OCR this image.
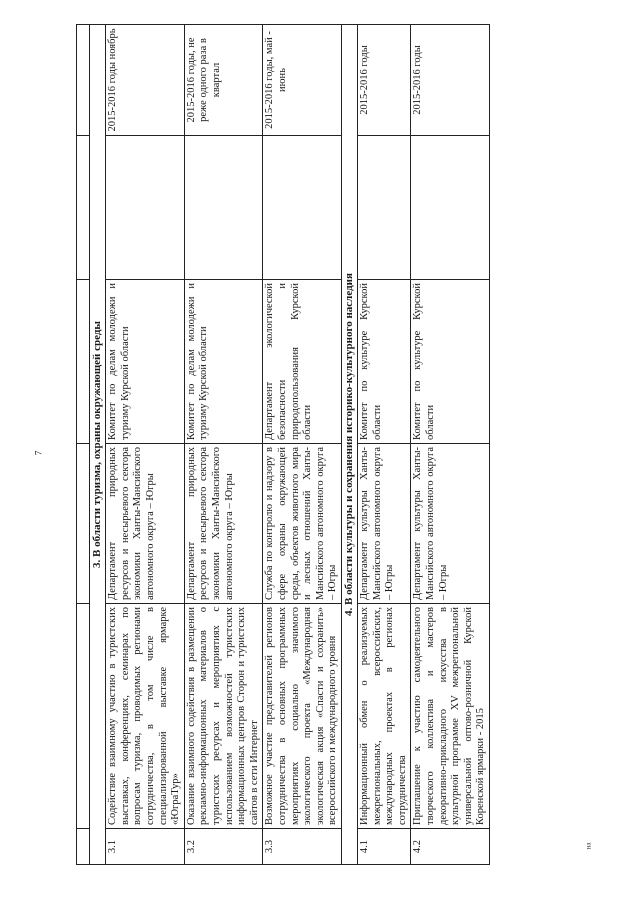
7
на

3. В области туризма, охраны окружающей среды					
3.1	Содействие взаимному участию в туристских выставках, конференциях, семинарах по вопросам туризма, проводимых регионами сотрудничества, в том числе в специализированной выставке ярмарке «ЮграТур»	Департамент природных ресурсов и несырьевого сектора экономики Ханты-Мансийского автономного округа – Югры	Комитет по делам молодежи и туризму Курской области		2015-2016 годы ноябрь
3.2	Оказание взаимного содействия в размещении рекламно-информационных материалов о туристских ресурсах и мероприятиях с использованием возможностей туристских информационных центров Сторон и туристских сайтов в сети Интернет	Департамент природных ресурсов и несырьевого сектора экономики Ханты-Мансийского автономного округа – Югры	Комитет по делам молодежи и туризму Курской области		2015-2016 годы, не реже одного раза в квартал
3.3	Возможное участие представителей регионов сотрудничества в основных программных мероприятиях социально значимого экологического проекта «Международная экологическая акция «Спасти и сохранить» всероссийского и международного уровня	Служба по контролю и надзору в сфере охраны окружающей среды, объектов животного мира и лесных отношений Ханты-Мансийского автономного округа – Югры	Департамент экологической безопасности и природопользования Курской области		2015-2016 годы, май - июнь
4. В области культуры и сохранения историко-культурного наследия					
4.1	Информационный обмен о реализуемых межрегиональных, всероссийских, международных проектах в регионах сотрудничества	Департамент культуры Ханты-Мансийского автономного округа – Югры	Комитет по культуре Курской области		2015-2016 годы
4.2	Приглашение к участию самодеятельного творческого коллектива и мастеров декоративно-прикладного искусства в культурной программе XV межрегиональной универсальной оптово-розничной Курской Коренской ярмарки - 2015	Департамент культуры Ханты-Мансийского автономного округа – Югры	Комитет по культуре Курской области		2015-2016 годы
